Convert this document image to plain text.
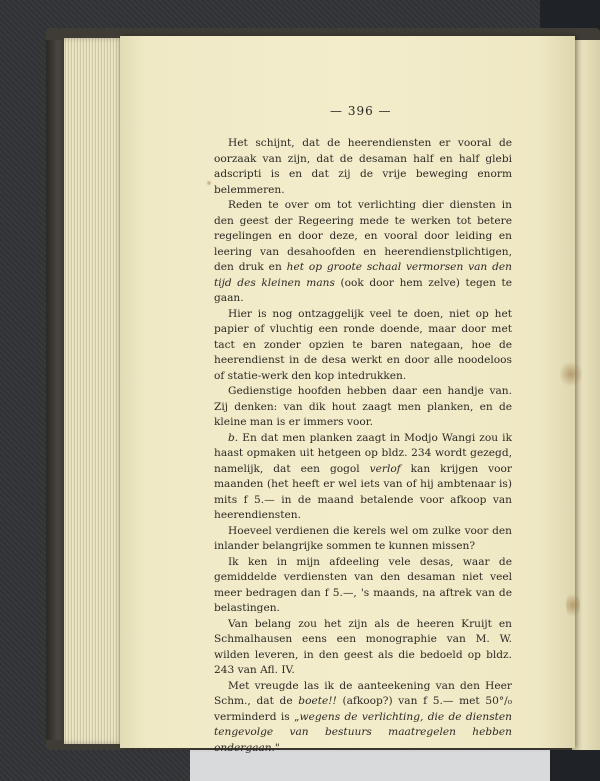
— 396 —

Het schijnt, dat de heerendiensten er vooral de oorzaak van zijn, dat de desaman half en half glebi adscripti is en dat zij de vrije beweging enorm belemmeren.

Reden te over om tot verlichting dier diensten in den geest der Regeering mede te werken tot betere regelingen en door deze, en vooral door leiding en leering van desahoofden en heerendienstplichtigen, den druk en het op groote schaal vermorsen van den tijd des kleinen mans (ook door hem zelve) tegen te gaan.

Hier is nog ontzaggelijk veel te doen, niet op het papier of vluchtig een ronde doende, maar door met tact en zonder opzien te baren nategaan, hoe de heerendienst in de desa werkt en door alle noodeloos of statie-werk den kop intedrukken.

Gedienstige hoofden hebben daar een handje van. Zij denken: van dik hout zaagt men planken, en de kleine man is er immers voor.

b. En dat men planken zaagt in Modjo Wangi zou ik haast opmaken uit hetgeen op bldz. 234 wordt gezegd, namelijk, dat een gogol verlof kan krijgen voor maanden (het heeft er wel iets van of hij ambtenaar is) mits f 5.— in de maand betalende voor afkoop van heerendiensten.

Hoeveel verdienen die kerels wel om zulke voor den inlander belangrijke sommen te kunnen missen?

Ik ken in mijn afdeeling vele desas, waar de gemiddelde verdiensten van den desaman niet veel meer bedragen dan f 5.—, 's maands, na aftrek van de belastingen.

Van belang zou het zijn als de heeren Kruijt en Schmalhausen eens een monographie van M. W. wilden leveren, in den geest als die bedoeld op bldz. 243 van Afl. IV.

Met vreugde las ik de aanteekening van den Heer Schm., dat de boete!! (afkoop?) van f 5.— met 50°/₀ verminderd is „wegens de verlichting, die de diensten tengevolge van bestuurs maatregelen hebben ondergaan."
